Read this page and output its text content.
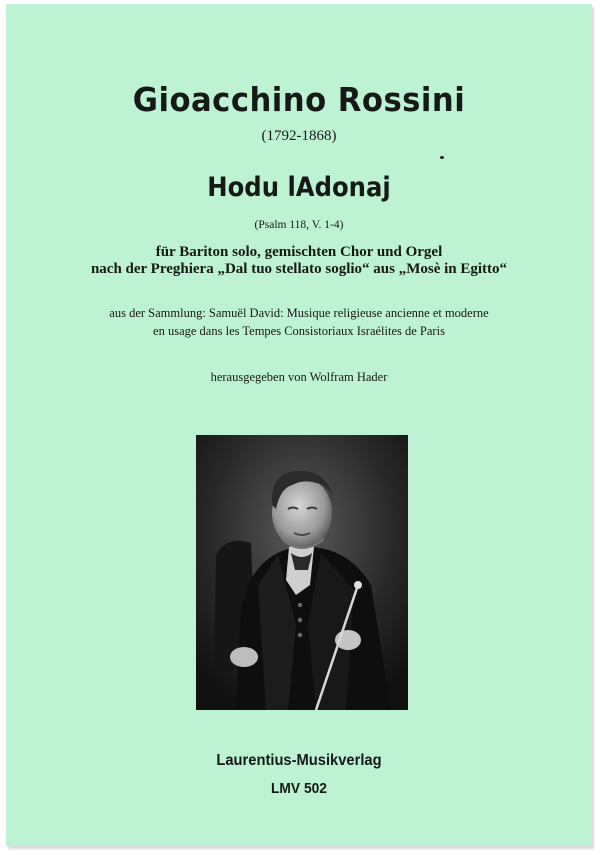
Gioacchino Rossini
(1792-1868)
Hodu lAdonaj
(Psalm 118, V. 1-4)
für Bariton solo, gemischten Chor und Orgel
nach der Preghiera „Dal tuo stellato soglio“ aus „Mosè in Egitto“
aus der Sammlung: Samuël David: Musique religieuse ancienne et moderne
en usage dans les Tempes Consistoriaux Israélites de Paris
herausgegeben von Wolfram Hader
Laurentius-Musikverlag
LMV 502
